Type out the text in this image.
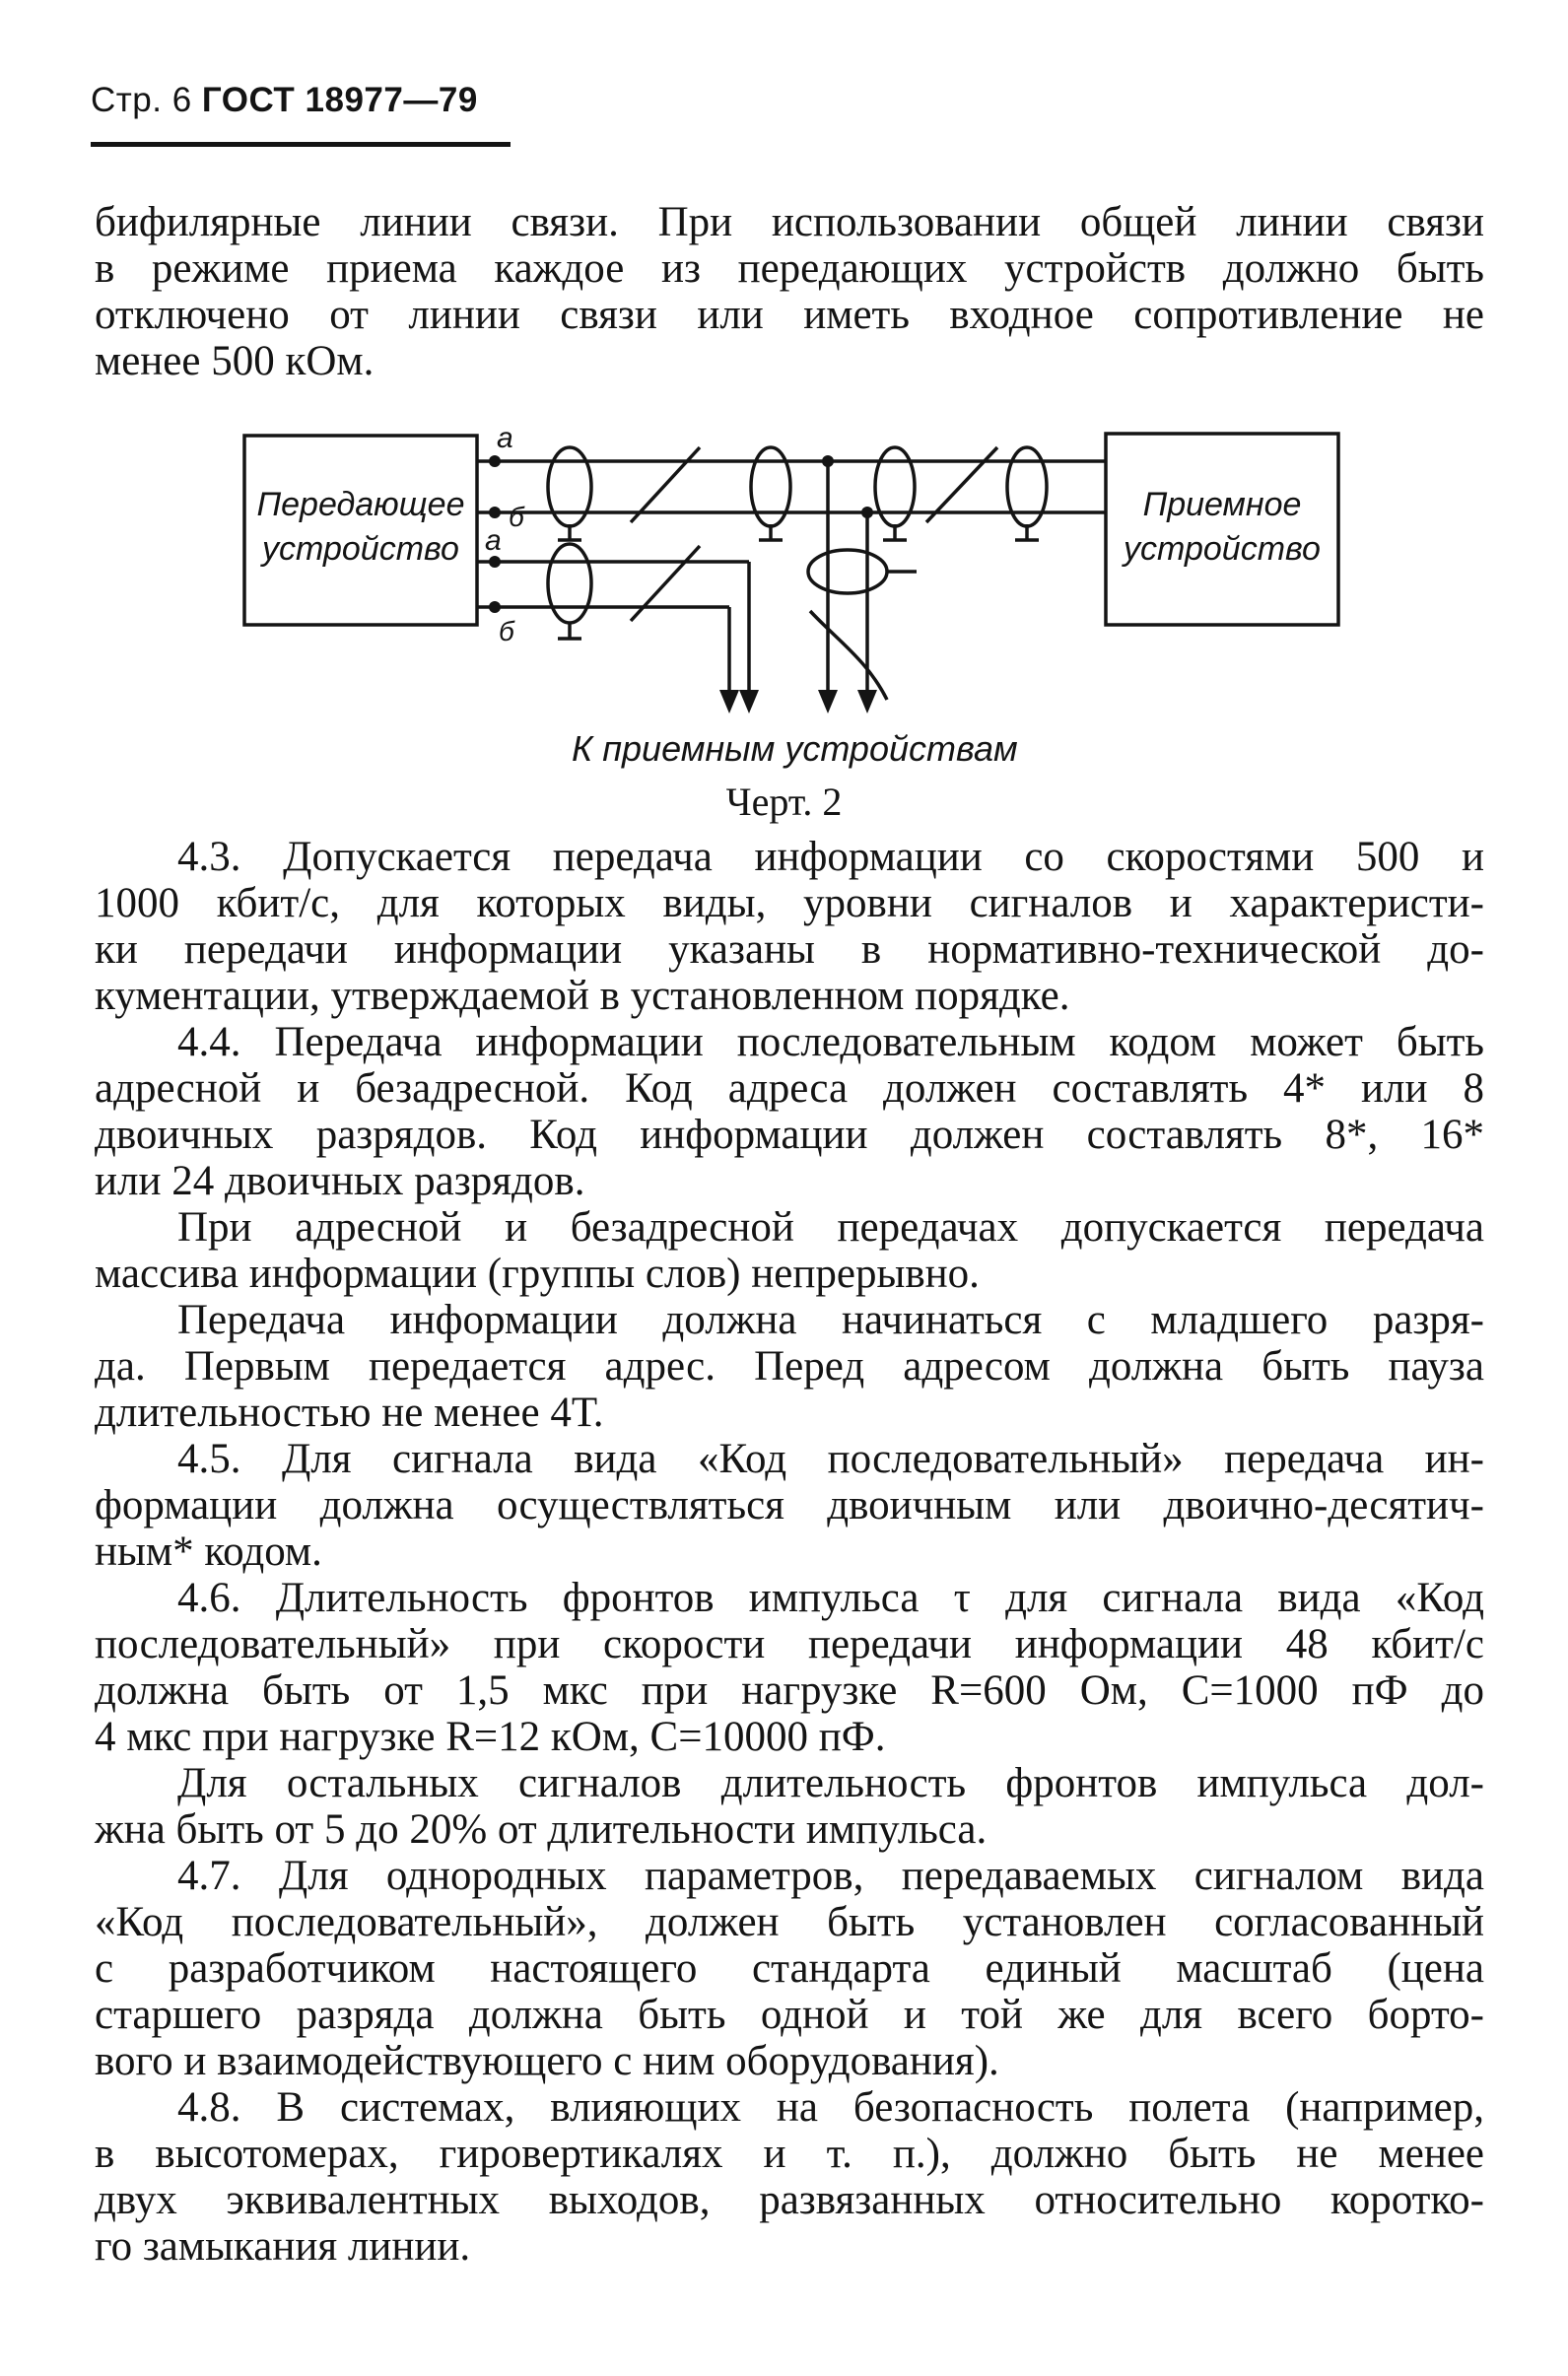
Стр. 6 ГОСТ 18977—79
бифилярные линии связи. При использовании общей линии связи
в режиме приема каждое из передающих устройств должно быть
отключено от линии связи или иметь входное сопротивление не
менее 500 кОм.
Передающее
устройство
Приемное
устройство
а
б
а
б
К приемным устройствам
Черт. 2
4.3. Допускается передача информации со скоростями 500 и
1000 кбит/с, для которых виды, уровни сигналов и характеристи-
ки передачи информации указаны в нормативно-технической до-
кументации, утверждаемой в установленном порядке.
4.4. Передача информации последовательным кодом может быть
адресной и безадресной. Код адреса должен составлять 4* или 8
двоичных разрядов. Код информации должен составлять 8*, 16*
или 24 двоичных разрядов.
При адресной и безадресной передачах допускается передача
массива информации (группы слов) непрерывно.
Передача информации должна начинаться с младшего разря-
да. Первым передается адрес. Перед адресом должна быть пауза
длительностью не менее 4Т.
4.5. Для сигнала вида «Код последовательный» передача ин-
формации должна осуществляться двоичным или двоично-десятич-
ным* кодом.
4.6. Длительность фронтов импульса τ для сигнала вида «Код
последовательный» при скорости передачи информации 48 кбит/с
должна быть от 1,5 мкс при нагрузке R=600 Ом, С=1000 пФ до
4 мкс при нагрузке R=12 кОм, С=10000 пФ.
Для остальных сигналов длительность фронтов импульса дол-
жна быть от 5 до 20% от длительности импульса.
4.7. Для однородных параметров, передаваемых сигналом вида
«Код последовательный», должен быть установлен согласованный
с разработчиком настоящего стандарта единый масштаб (цена
старшего разряда должна быть одной и той же для всего борто-
вого и взаимодействующего с ним оборудования).
4.8. В системах, влияющих на безопасность полета (например,
в высотомерах, гировертикалях и т. п.), должно быть не менее
двух эквивалентных выходов, развязанных относительно коротко-
го замыкания линии.
